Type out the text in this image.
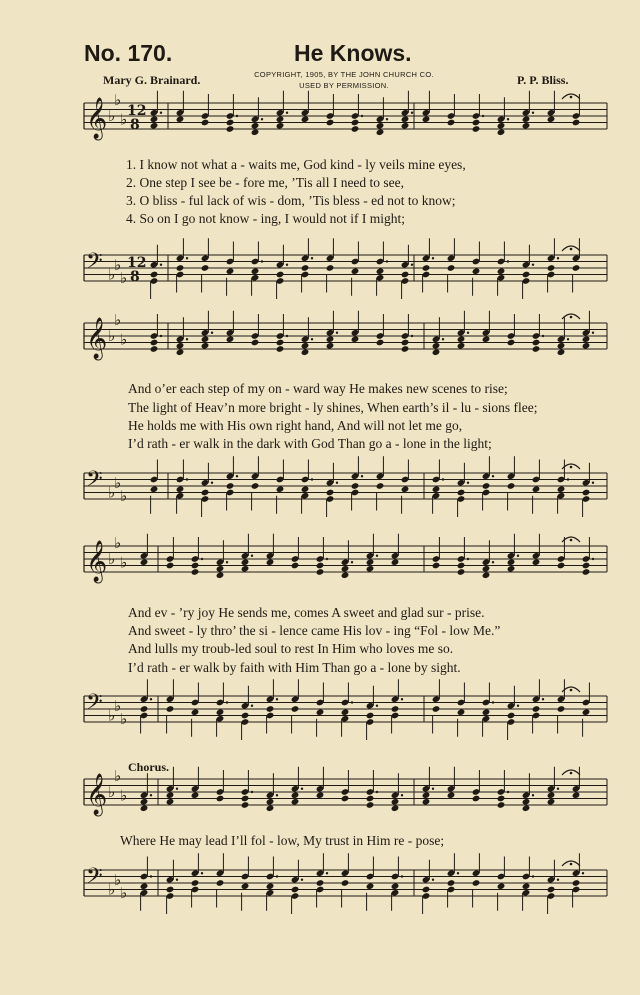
No. 170.	He Knows.
Mary G. Brainard.	P. P. Bliss.
COPYRIGHT, 1905, BY THE JOHN CHURCH CO.
USED BY PERMISSION.
𝄞 ♭
♭
♭ 12
8
𝄢 ♭
♭
♭
12
8
𝄞 ♭
♭
♭
𝄢 ♭
♭
♭
𝄞 ♭
♭
♭
𝄢 ♭
♭
♭
𝄞 ♭
♭
♭
𝄢 ♭
♭
♭
1. I know not what a - waits me, God kind - ly veils mine eyes,
2. One step I see be - fore me, ’Tis all I need to see,
3. O bliss - ful lack of wis - dom, ’Tis bless - ed not to know;
4. So on I go not know - ing, I would not if I might;
And o’er each step of my on - ward way He makes new scenes to rise;
The light of Heav’n more bright - ly shines, When earth’s il - lu - sions flee;
He holds me with His own right hand, And will not let me go,
I’d rath - er walk in the dark with God Than go a - lone in the light;
And ev - ’ry joy He sends me, comes A sweet and glad sur - prise.
And sweet - ly thro’ the si - lence came His lov - ing “Fol - low Me.”
And lulls my troub-led soul to rest In Him who loves me so.
I’d rath - er walk by faith with Him Than go a - lone by sight.
Chorus.
Where He may lead I’ll fol - low, My trust in Him re - pose;
